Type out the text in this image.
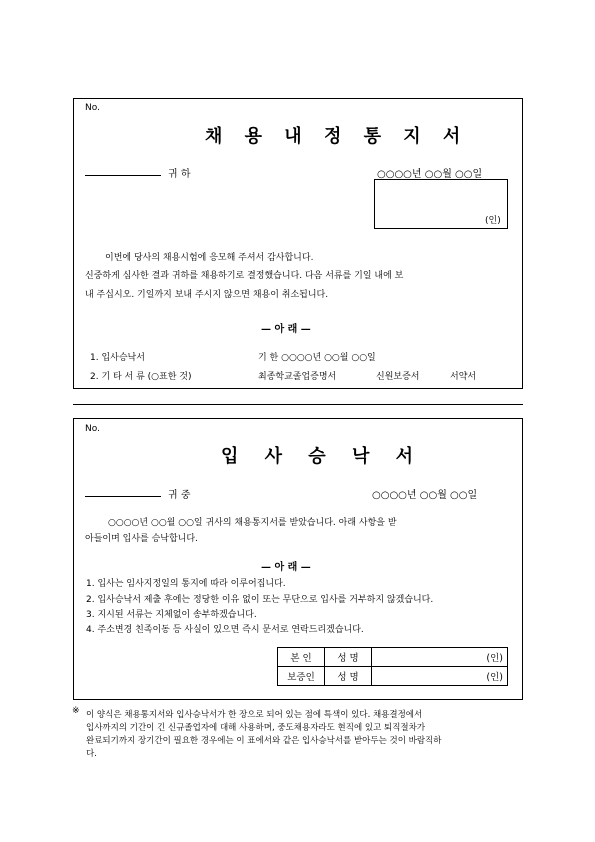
No.
채 용 내 정 통 지 서
귀 하	○○○○년 ○○월 ○○일
(인)
이번에 당사의 채용시험에 응모해 주셔서 감사합니다.
신중하게 심사한 결과 귀하를 채용하기로 결정했습니다. 다음 서류를 기일 내에 보
내 주십시오. 기일까지 보내 주시지 않으면 채용이 취소됩니다.
— 아 래 —
1. 입사승낙서	기 한 ○○○○년 ○○월 ○○일
2. 기 타 서 류 (○표한 것)	최종학교졸업증명서	신원보증서	서약서
No.
입 사 승 낙 서
귀 중	○○○○년 ○○월 ○○일
○○○○년 ○○월 ○○일 귀사의 채용통지서를 받았습니다. 아래 사항을 받
아들이며 입사를 승낙합니다.
— 아 래 —
1. 입사는 임사지정일의 통지에 따라 이루어집니다.
2. 입사승낙서 제출 후에는 정당한 이유 없이 또는 무단으로 입사를 거부하지 않겠습니다.
3. 지시된 서류는 지체없이 송부하겠습니다.
4. 주소변경 친족이동 등 사실이 있으면 즉시 문서로 연락드리겠습니다.
본 인	성 명	(인)
보증인	성 명	(인)
※ 이 양식은 채용통지서와 입사승낙서가 한 장으로 되어 있는 점에 특색이 있다. 채용결정에서
입사까지의 기간이 긴 신규졸업자에 대해 사용하며, 중도채용자라도 현직에 있고 퇴직절차가
완료되기까지 장기간이 필요한 경우에는 이 표에서와 같은 입사승낙서를 받아두는 것이 바람직하
다.
